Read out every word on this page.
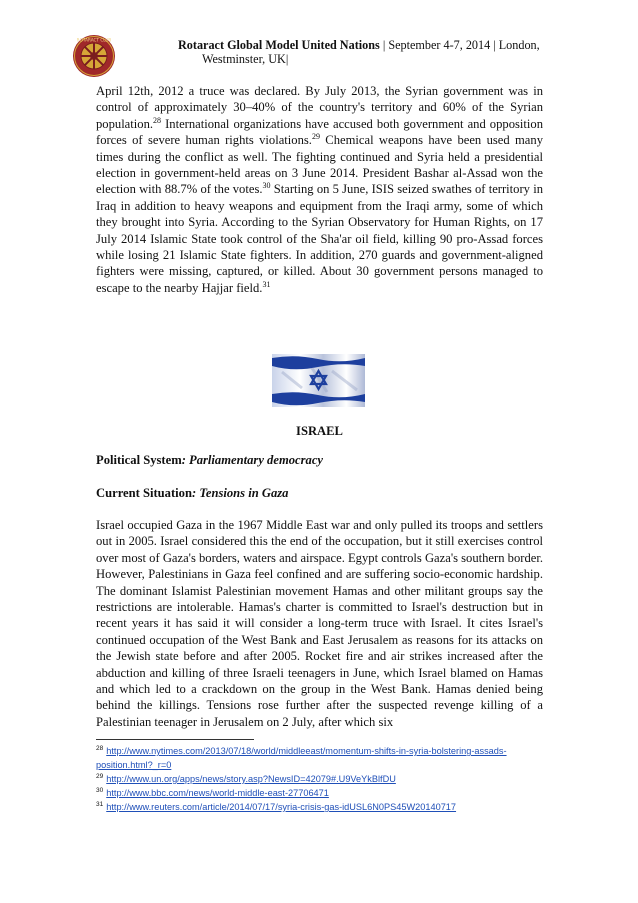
ROTARACT CLUB	Rotaract Global Model United Nations | September 4-7, 2014 | London,
Westminster, UK|

April 12th, 2012 a truce was declared. By July 2013, the Syrian government was in control of approximately 30–40% of the country's territory and 60% of the Syrian population.$^{28}$ International organizations have accused both government and opposition forces of severe human rights violations.$^{29}$ Chemical weapons have been used many times during the conflict as well. The fighting continued and Syria held a presidential election in government-held areas on 3 June 2014. President Bashar al-Assad won the election with 88.7% of the votes.$^{30}$ Starting on 5 June, ISIS seized swathes of territory in Iraq in addition to heavy weapons and equipment from the Iraqi army, some of which they brought into Syria. According to the Syrian Observatory for Human Rights, on 17 July 2014 Islamic State took control of the Sha'ar oil field, killing 90 pro-Assad forces while losing 21 Islamic State fighters. In addition, 270 guards and government-aligned fighters were missing, captured, or killed. About 30 government persons managed to escape to the nearby Hajjar field.$^{31}$

ISRAEL
Political System: Parliamentary democracy
Current Situation: Tensions in Gaza

Israel occupied Gaza in the 1967 Middle East war and only pulled its troops and settlers out in 2005. Israel considered this the end of the occupation, but it still exercises control over most of Gaza's borders, waters and airspace. Egypt controls Gaza's southern border. However, Palestinians in Gaza feel confined and are suffering socio-economic hardship. The dominant Islamist Palestinian movement Hamas and other militant groups say the restrictions are intolerable. Hamas's charter is committed to Israel's destruction but in recent years it has said it will consider a long-term truce with Israel. It cites Israel's continued occupation of the West Bank and East Jerusalem as reasons for its attacks on the Jewish state before and after 2005. Rocket fire and air strikes increased after the abduction and killing of three Israeli teenagers in June, which Israel blamed on Hamas and which led to a crackdown on the group in the West Bank. Hamas denied being behind the killings. Tensions rose further after the suspected revenge killing of a Palestinian teenager in Jerusalem on 2 July, after which six

$^{28}$ http://www.nytimes.com/2013/07/18/world/middleeast/momentum-shifts-in-syria-bolstering-assads-position.html?_r=0

$^{29}$ http://www.un.org/apps/news/story.asp?NewsID=42079#.U9VeYkBlfDU

$^{30}$ http://www.bbc.com/news/world-middle-east-27706471

$^{31}$ http://www.reuters.com/article/2014/07/17/syria-crisis-gas-idUSL6N0PS45W20140717
